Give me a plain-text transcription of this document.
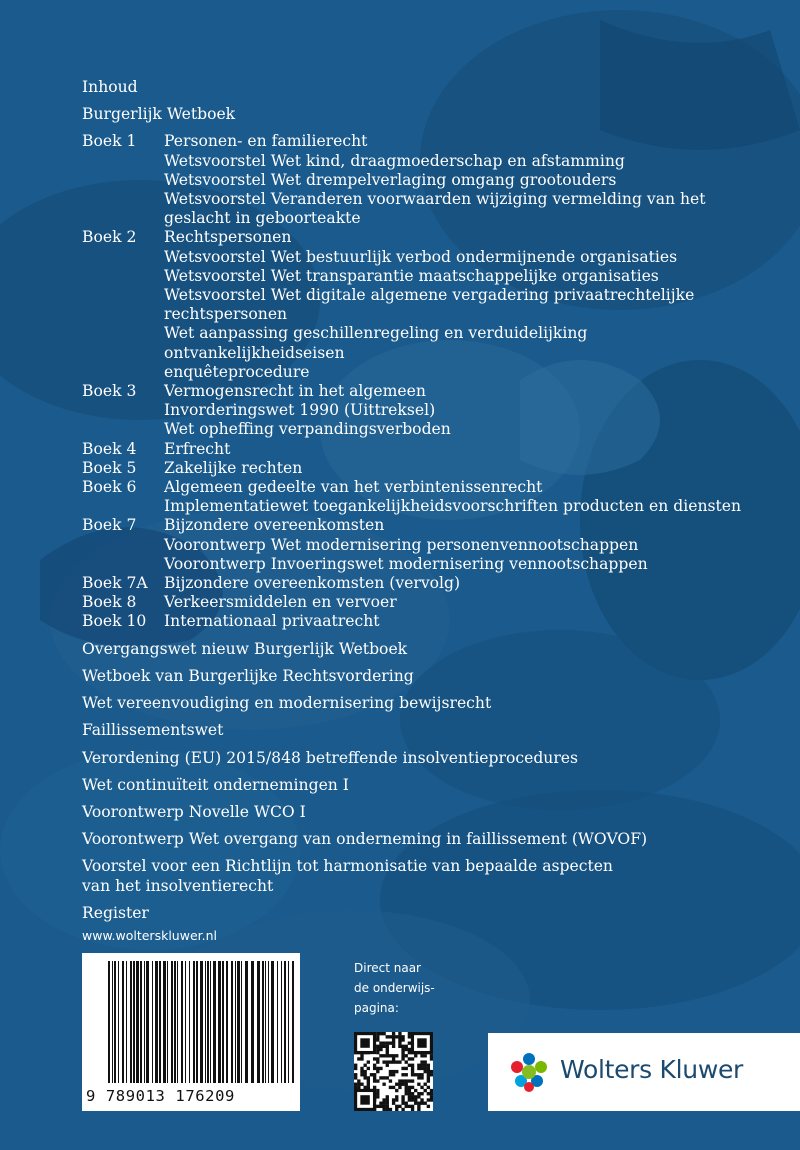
Inhoud
Burgerlijk Wetboek
Boek 1	Personen- en familierecht
Wetsvoorstel Wet kind, draagmoederschap en afstamming
Wetsvoorstel Wet drempelverlaging omgang grootouders
Wetsvoorstel Veranderen voorwaarden wijziging vermelding van het
geslacht in geboorteakte
Boek 2	Rechtspersonen
Wetsvoorstel Wet bestuurlijk verbod ondermijnende organisaties
Wetsvoorstel Wet transparantie maatschappelijke organisaties
Wetsvoorstel Wet digitale algemene vergadering privaatrechtelijke
rechtspersonen
Wet aanpassing geschillenregeling en verduidelijking ontvankelijkheidseisen
enquêteprocedure
Boek 3	Vermogensrecht in het algemeen
Invorderingswet 1990 (Uittreksel)
Wet opheffing verpandingsverboden
Boek 4	Erfrecht
Boek 5	Zakelijke rechten
Boek 6	Algemeen gedeelte van het verbintenissenrecht
Implementatiewet toegankelijkheidsvoorschriften producten en diensten
Boek 7	Bijzondere overeenkomsten
Voorontwerp Wet modernisering personenvennootschappen
Voorontwerp Invoeringswet modernisering vennootschappen
Boek 7A	Bijzondere overeenkomsten (vervolg)
Boek 8	Verkeersmiddelen en vervoer
Boek 10	Internationaal privaatrecht
Overgangswet nieuw Burgerlijk Wetboek
Wetboek van Burgerlijke Rechtsvordering
Wet vereenvoudiging en modernisering bewijsrecht
Faillissementswet
Verordening (EU) 2015/848 betreffende insolventieprocedures
Wet continuïteit ondernemingen I
Voorontwerp Novelle WCO I
Voorontwerp Wet overgang van onderneming in faillissement (WOVOF)
Voorstel voor een Richtlijn tot harmonisatie van bepaalde aspecten
van het insolventierecht
Register
www.wolterskluwer.nl
9 789013 176209
Direct naar
de onderwijs-
pagina:
Wolters Kluwer
